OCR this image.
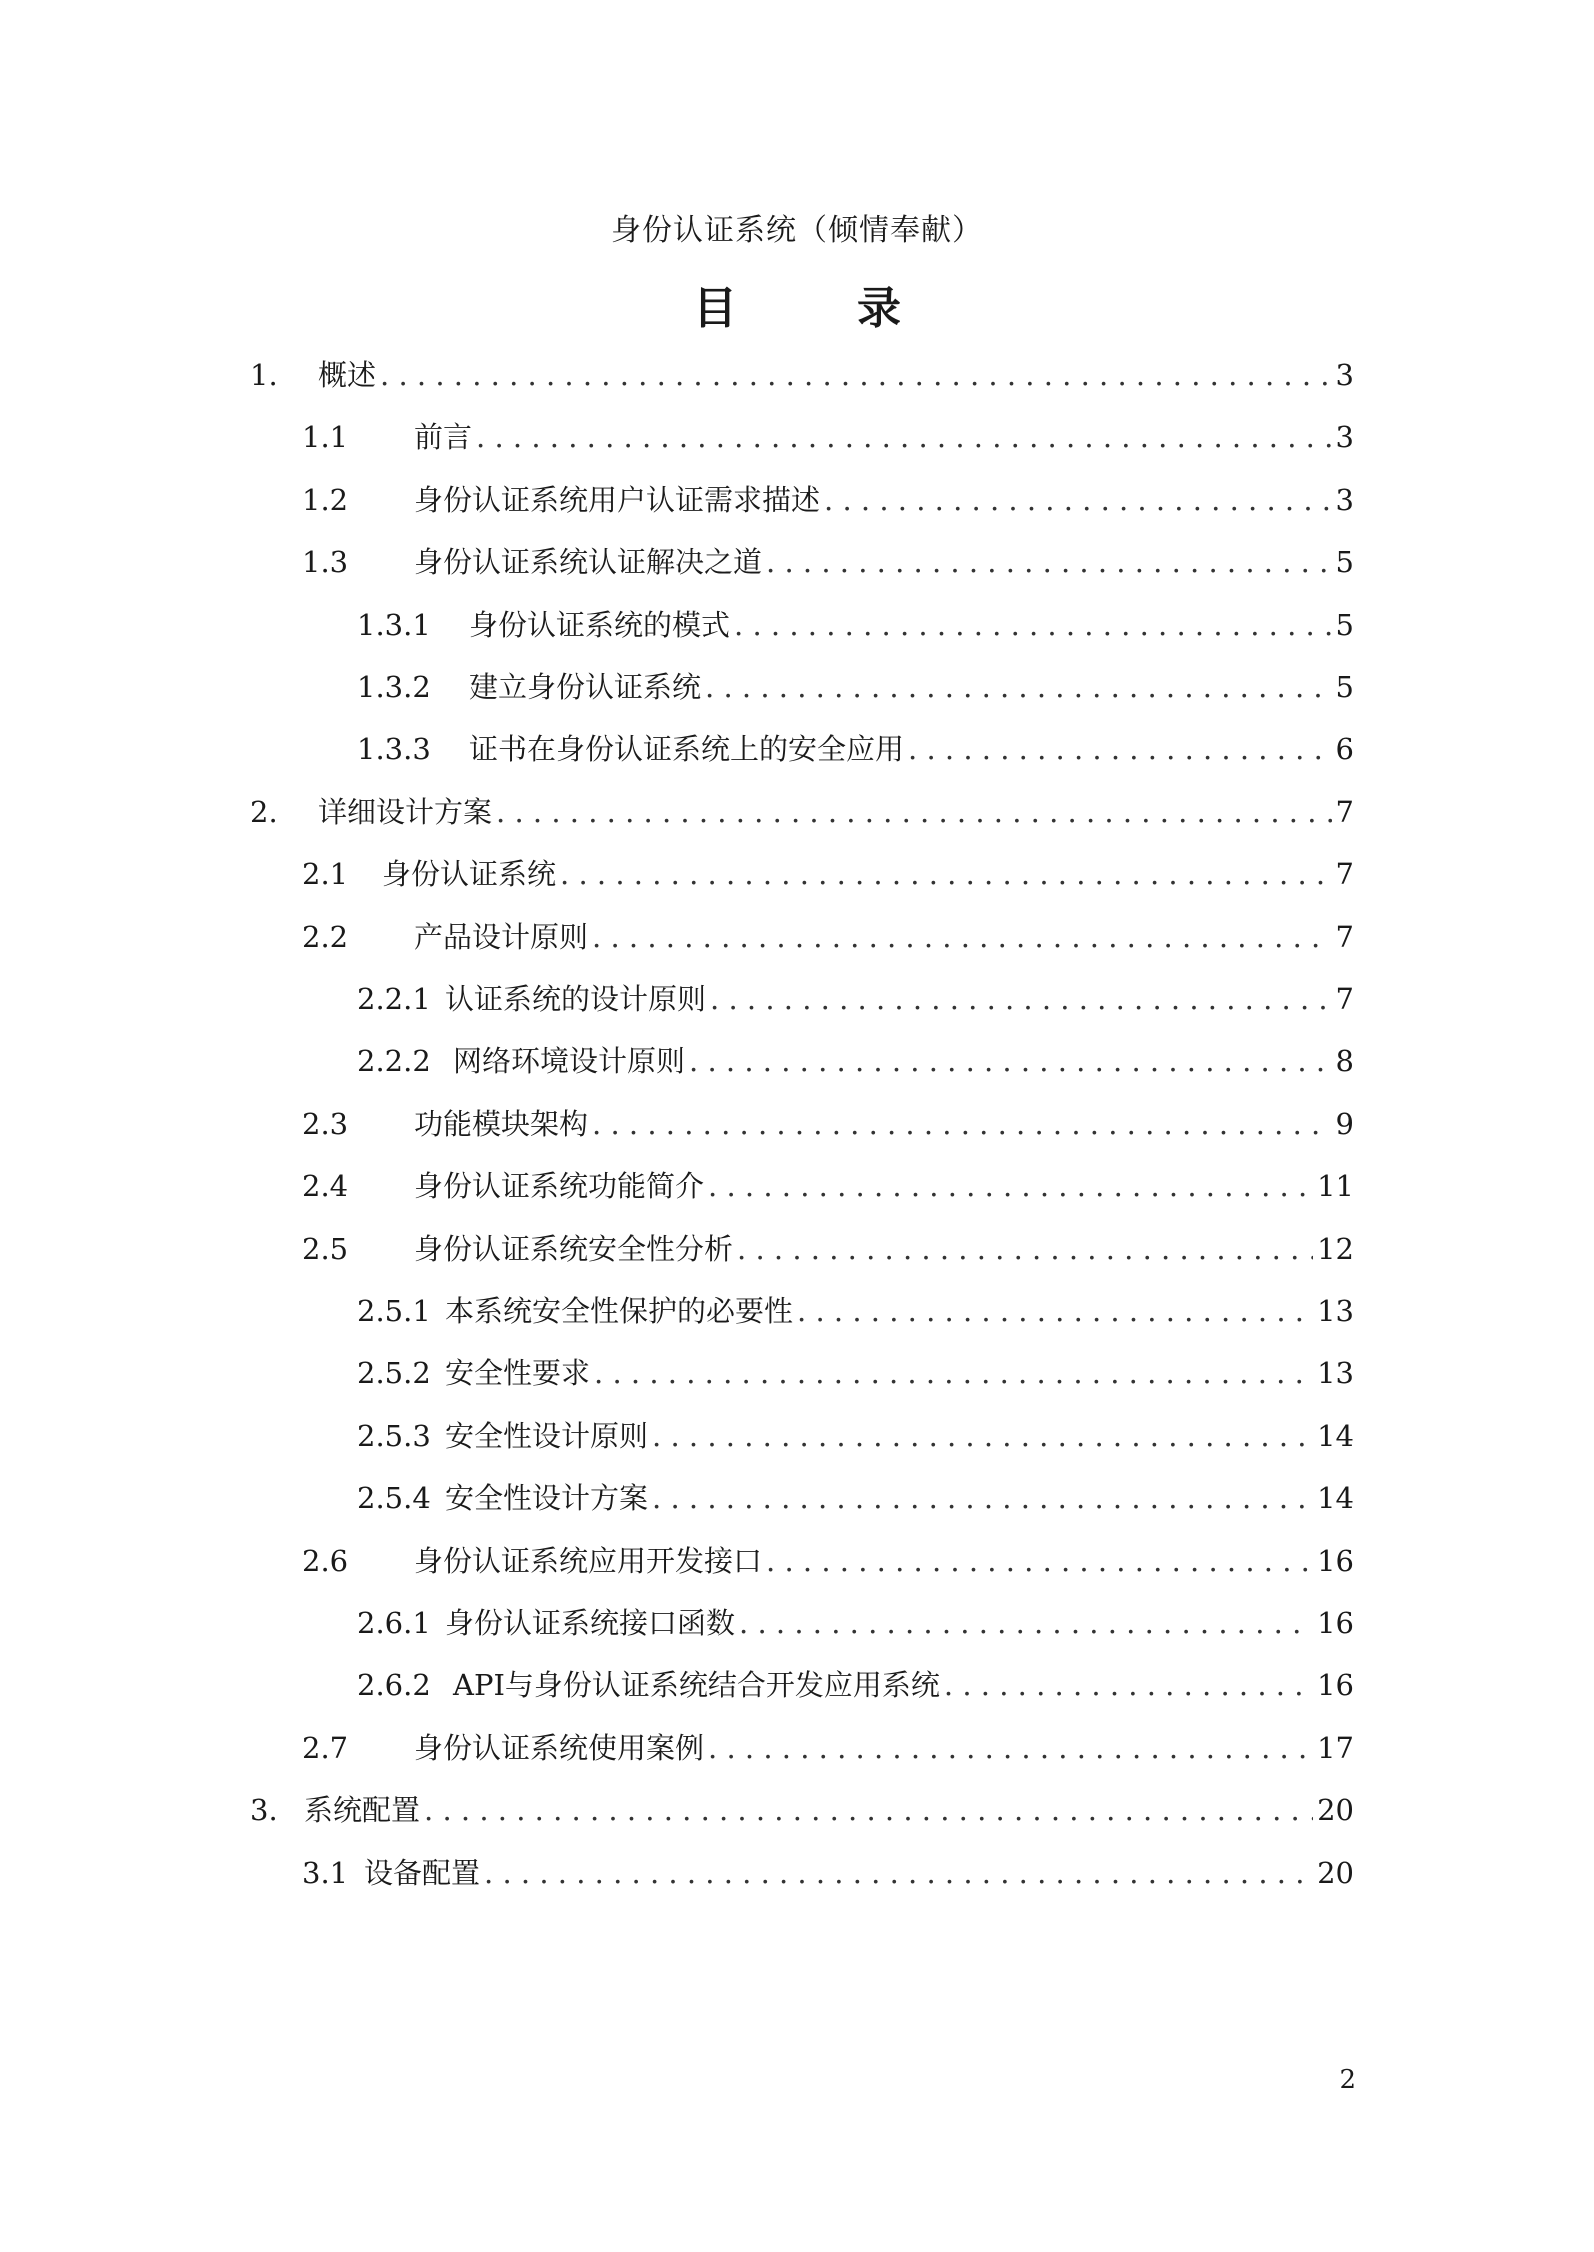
身份认证系统（倾情奉献）
目	录
1.	概述 . . .	3
1.1	前言 . . .	3
1.2	身份认证系统用户认证需求描述 . . .	3
1.3	身份认证系统认证解决之道 . . .	5
1.3.1	身份认证系统的模式 . . .	5
1.3.2	建立身份认证系统 . . .	5
1.3.3	证书在身份认证系统上的安全应用 . . .	6
2.	详细设计方案 . . .	7
2.1	身份认证系统 . . .	7
2.2	产品设计原则 . . .	7
2.2.1 认证系统的设计原则 . . .	7
2.2.2 网络环境设计原则 . . .	8
2.3	功能模块架构 . . .	9
2.4	身份认证系统功能简介 . . .	11
2.5	身份认证系统安全性分析 . . .	12
2.5.1 本系统安全性保护的必要性 . . .	13
2.5.2 安全性要求 . . .	13
2.5.3 安全性设计原则 . . .	14
2.5.4 安全性设计方案 . . .	14
2.6	身份认证系统应用开发接口 . . .	16
2.6.1 身份认证系统接口函数 . . .	16
2.6.2 API与身份认证系统结合开发应用系统 . . .	16
2.7	身份认证系统使用案例 . . .	17
3. 系统配置 . . .	20
3.1 设备配置 . . .	20
2
